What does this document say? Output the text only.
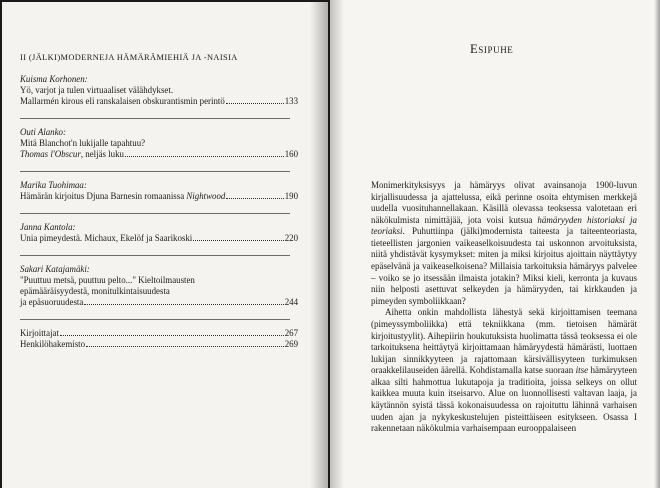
II (JÄLKI)MODERNEJA HÄMÄRÄMIEHIÄ JA -NAISIA
Kuisma Korhonen:
Yö, varjot ja tulen virtuaaliset välähdykset.
Mallarmén kirous eli ranskalaisen obskurantismin perintö	133
Outi Alanko:
Mitä Blanchot'n lukijalle tapahtuu?
Thomas l'Obscur, neljäs luku	160
Marika Tuohimaa:
Hämärän kirjoitus Djuna Barnesin romaanissa Nightwood	190
Janna Kantola:
Unia pimeydestä. Michaux, Ekelöf ja Saarikoski	220
Sakari Katajamäki:
"Puuttuu metsä, puuttuu pelto..." Kieltoilmausten
epämääräisyydestä, monitulkintaisuudesta
ja epäsuoruudesta	244
Kirjoittajat	267
Henkilöhakemisto	269
Esipuhe

Monimerkityksisyys ja hämäryys olivat avainsanoja 1900-luvun kirjallisuudessa ja ajattelussa, eikä perinne osoita ehtymisen merkkejä uudella vuosituhannellakaan. Käsillä olevassa teoksessa valotetaan eri näkökulmista nimittäjää, jota voisi kutsua hämäryyden historiaksi ja teoriaksi. Puhuttiinpa (jälki)modernista taiteesta ja taiteenteoriasta, tieteellisten jargonien vaikeaselkoisuudesta tai uskonnon arvoituksista, niitä yhdistävät kysymykset: miten ja miksi kirjoitus ajoittain näyttäytyy epäselvänä ja vaikeaselkoisena? Millaisia tarkoituksia hämäryys palvelee – voiko se jo itsessään ilmaista jotakin? Miksi kieli, kerronta ja kuvaus niin helposti asettuvat selkeyden ja hämäryyden, tai kirkkauden ja pimeyden symboliikkaan?

Aihetta onkin mahdollista lähestyä sekä kirjoittamisen teemana (pimeyssymboliikka) että tekniikkana (mm. tietoisen hämärät kirjoitustyylit). Aihepiirin houkutuksista huolimatta tässä teoksessa ei ole tarkoituksena heittäytyä kirjoittamaan hämäryydestä hämärästi, luottaen lukijan sinnikkyyteen ja rajattomaan kärsivällisyyteen turkimuksen oraakkelilauseiden äärellä. Kohdistamalla katse suoraan itse hämäryyteen alkaa silti hahmottua lukutapoja ja traditioita, joissa selkeys on ollut kaikkea muuta kuin itseisarvo. Alue on luonnollisesti valtavan laaja, ja käytännön syistä tässä kokonaisuudessa on rajoituttu lähinnä varhaisen uuden ajan ja nykykeskustelujen pisteittäiseen esitykseen. Osassa I rakennetaan näkökulmia varhaisempaan eurooppalaiseen
